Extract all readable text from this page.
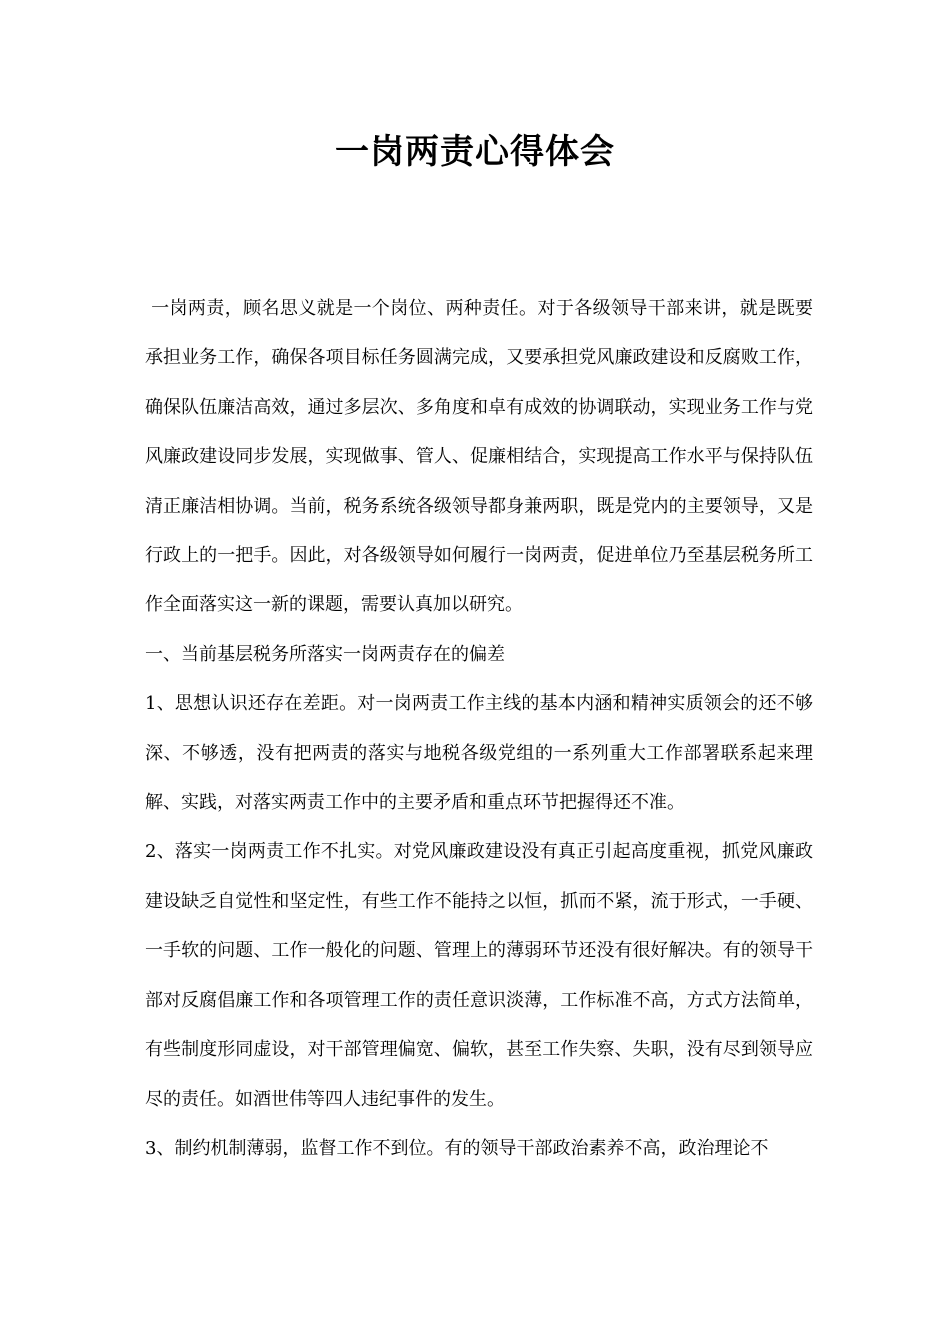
一岗两责心得体会

一岗两责，顾名思义就是一个岗位、两种责任。对于各级领导干部来讲，就是既要承担业务工作，确保各项目标任务圆满完成，又要承担党风廉政建设和反腐败工作，确保队伍廉洁高效，通过多层次、多角度和卓有成效的协调联动，实现业务工作与党风廉政建设同步发展，实现做事、管人、促廉相结合，实现提高工作水平与保持队伍清正廉洁相协调。当前，税务系统各级领导都身兼两职，既是党内的主要领导，又是行政上的一把手。因此，对各级领导如何履行一岗两责，促进单位乃至基层税务所工作全面落实这一新的课题，需要认真加以研究。

一、当前基层税务所落实一岗两责存在的偏差

1、思想认识还存在差距。对一岗两责工作主线的基本内涵和精神实质领会的还不够深、不够透，没有把两责的落实与地税各级党组的一系列重大工作部署联系起来理解、实践，对落实两责工作中的主要矛盾和重点环节把握得还不准。

2、落实一岗两责工作不扎实。对党风廉政建设没有真正引起高度重视，抓党风廉政建设缺乏自觉性和坚定性，有些工作不能持之以恒，抓而不紧，流于形式，一手硬、一手软的问题、工作一般化的问题、管理上的薄弱环节还没有很好解决。有的领导干部对反腐倡廉工作和各项管理工作的责任意识淡薄，工作标准不高，方式方法简单，有些制度形同虚设，对干部管理偏宽、偏软，甚至工作失察、失职，没有尽到领导应尽的责任。如酒世伟等四人违纪事件的发生。

3、制约机制薄弱，监督工作不到位。有的领导干部政治素养不高，政治理论不
